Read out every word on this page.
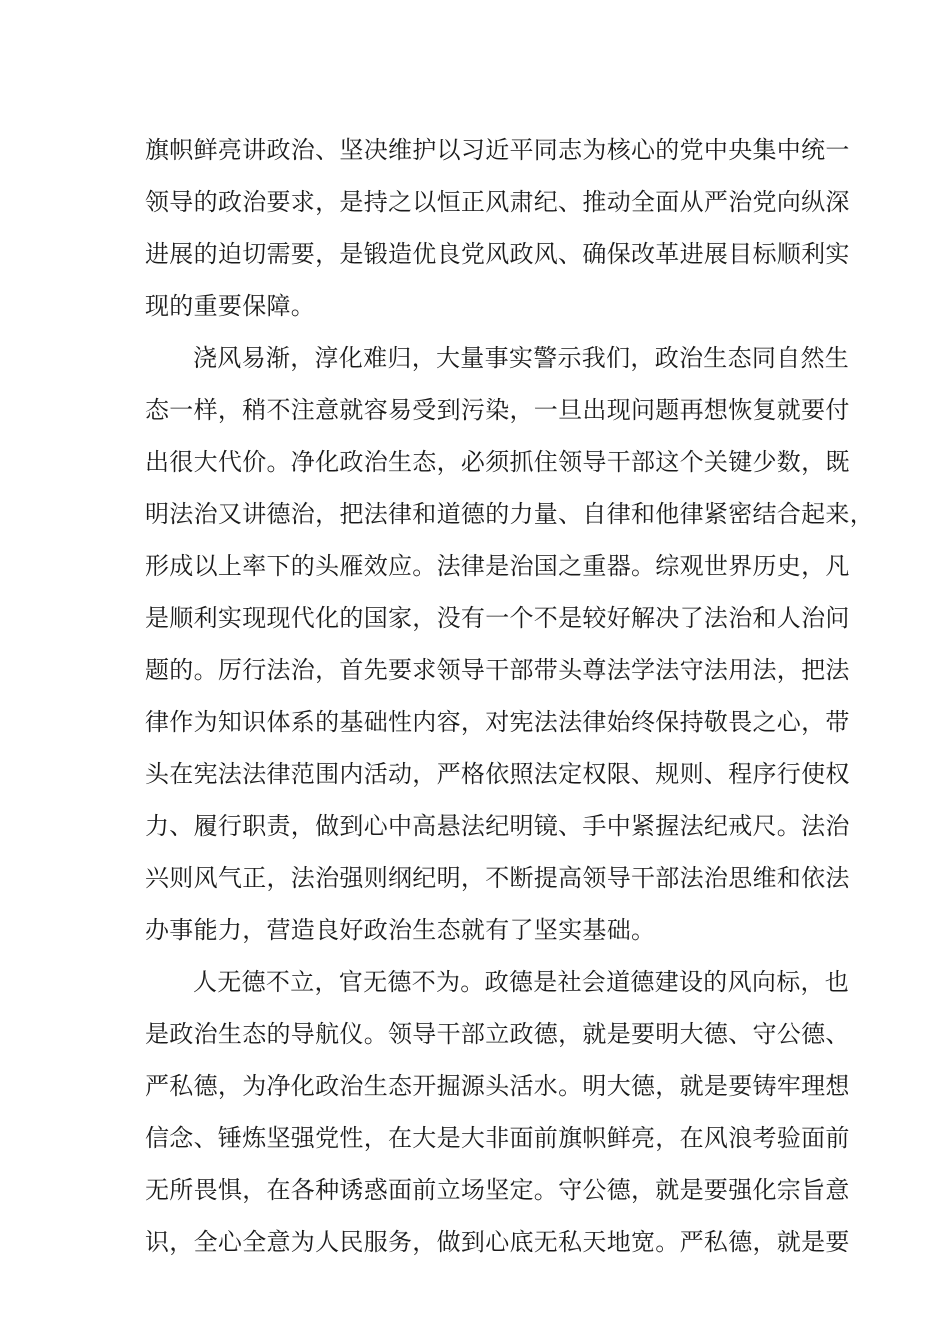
旗帜鲜亮讲政治、坚决维护以习近平同志为核心的党中央集中统一
领导的政治要求，是持之以恒正风肃纪、推动全面从严治党向纵深
进展的迫切需要，是锻造优良党风政风、确保改革进展目标顺利实
现的重要保障。
浇风易渐，淳化难归，大量事实警示我们，政治生态同自然生
态一样，稍不注意就容易受到污染，一旦出现问题再想恢复就要付
出很大代价。净化政治生态，必须抓住领导干部这个关键少数，既
明法治又讲德治，把法律和道德的力量、自律和他律紧密结合起来，
形成以上率下的头雁效应。法律是治国之重器。综观世界历史，凡
是顺利实现现代化的国家，没有一个不是较好解决了法治和人治问
题的。厉行法治，首先要求领导干部带头尊法学法守法用法，把法
律作为知识体系的基础性内容，对宪法法律始终保持敬畏之心，带
头在宪法法律范围内活动，严格依照法定权限、规则、程序行使权
力、履行职责，做到心中高悬法纪明镜、手中紧握法纪戒尺。法治
兴则风气正，法治强则纲纪明，不断提高领导干部法治思维和依法
办事能力，营造良好政治生态就有了坚实基础。
人无德不立，官无德不为。政德是社会道德建设的风向标，也
是政治生态的导航仪。领导干部立政德，就是要明大德、守公德、
严私德，为净化政治生态开掘源头活水。明大德，就是要铸牢理想
信念、锤炼坚强党性，在大是大非面前旗帜鲜亮，在风浪考验面前
无所畏惧，在各种诱惑面前立场坚定。守公德，就是要强化宗旨意
识，全心全意为人民服务，做到心底无私天地宽。严私德，就是要
